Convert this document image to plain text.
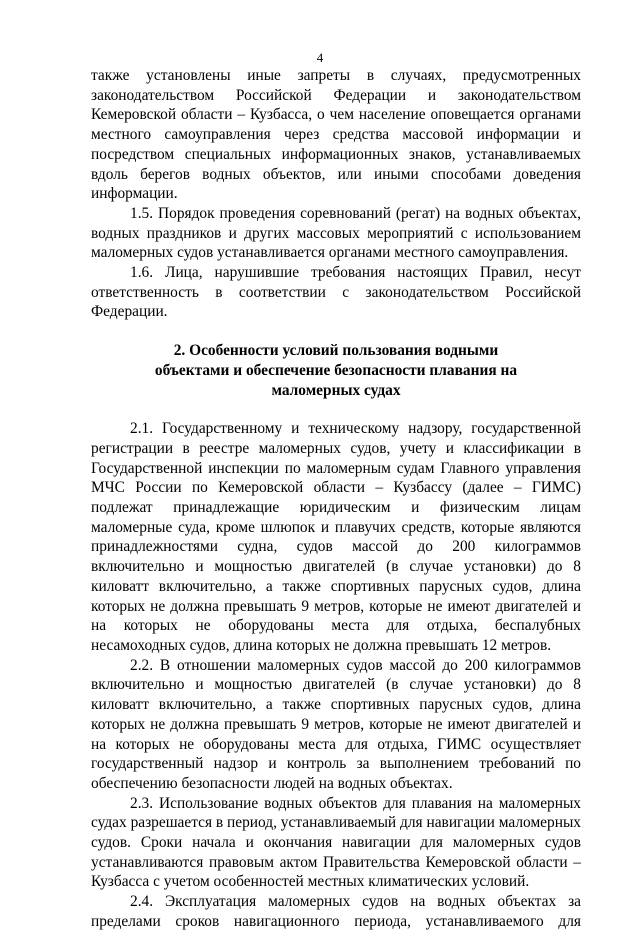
4

также установлены иные запреты в случаях, предусмотренных законодательством Российской Федерации и законодательством Кемеровской области – Кузбасса, о чем население оповещается органами местного самоуправления через средства массовой информации и посредством специальных информационных знаков, устанавливаемых вдоль берегов водных объектов, или иными способами доведения информации.

1.5. Порядок проведения соревнований (регат) на водных объектах, водных праздников и других массовых мероприятий с использованием маломерных судов устанавливается органами местного самоуправления.

1.6. Лица, нарушившие требования настоящих Правил, несут ответственность в соответствии с законодательством Российской Федерации.

2. Особенности условий пользования водными
объектами и обеспечение безопасности плавания на
маломерных судах

2.1. Государственному и техническому надзору, государственной регистрации в реестре маломерных судов, учету и классификации в Государственной инспекции по маломерным судам Главного управления МЧС России по Кемеровской области – Кузбассу (далее – ГИМС) подлежат принадлежащие юридическим и физическим лицам маломерные суда, кроме шлюпок и плавучих средств, которые являются принадлежностями судна, судов массой до 200 килограммов включительно и мощностью двигателей (в случае установки) до 8 киловатт включительно, а также спортивных парусных судов, длина которых не должна превышать 9 метров, которые не имеют двигателей и на которых не оборудованы места для отдыха, беспалубных несамоходных судов, длина которых не должна превышать 12 метров.

2.2. В отношении маломерных судов массой до 200 килограммов включительно и мощностью двигателей (в случае установки) до 8 киловатт включительно, а также спортивных парусных судов, длина которых не должна превышать 9 метров, которые не имеют двигателей и на которых не оборудованы места для отдыха, ГИМС осуществляет государственный надзор и контроль за выполнением требований по обеспечению безопасности людей на водных объектах.

2.3. Использование водных объектов для плавания на маломерных судах разрешается в период, устанавливаемый для навигации маломерных судов. Сроки начала и окончания навигации для маломерных судов устанавливаются правовым актом Правительства Кемеровской области – Кузбасса с учетом особенностей местных климатических условий.

2.4. Эксплуатация маломерных судов на водных объектах за пределами сроков навигационного периода, устанавливаемого для
